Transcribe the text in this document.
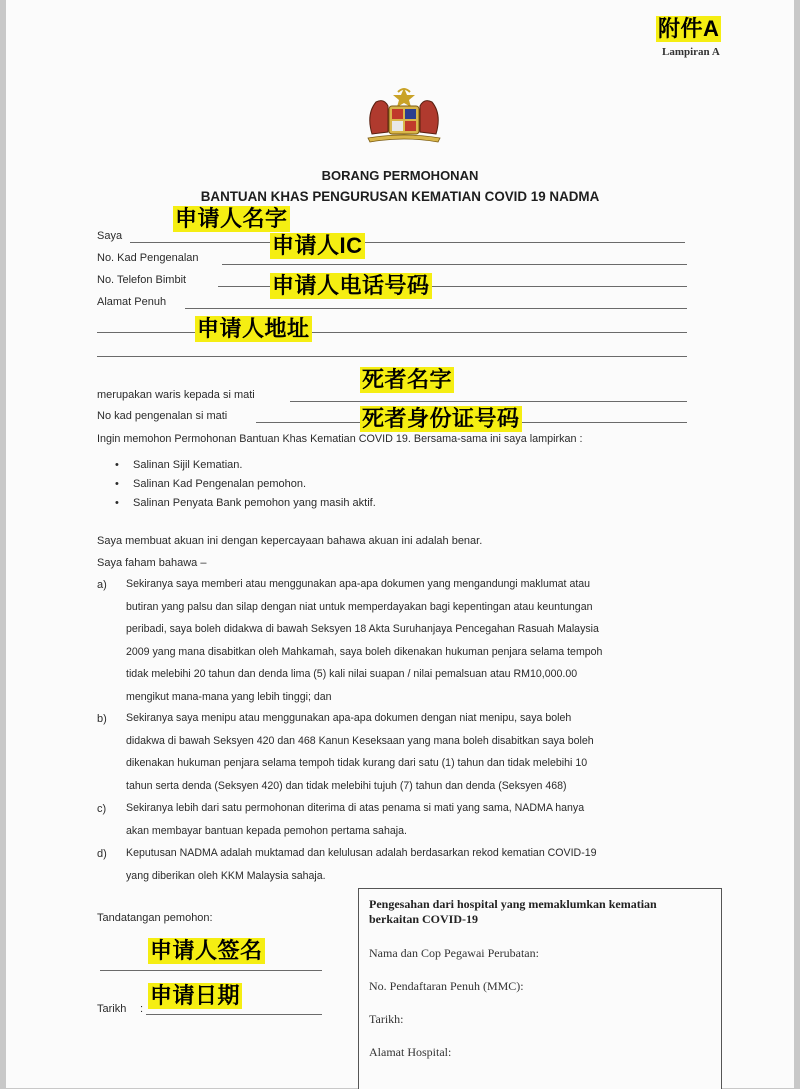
附件A
Lampiran A
BORANG PERMOHONAN
BANTUAN KHAS PENGURUSAN KEMATIAN COVID 19 NADMA
Saya
No. Kad Pengenalan
No. Telefon Bimbit
Alamat Penuh
申请人名字
申请人IC
申请人电话号码
申请人地址
merupakan waris kepada si mati
No kad pengenalan si mati
死者名字
Ingin memohon Permohonan Bantuan Khas Kematian COVID 19. Bersama-sama ini saya lampirkan :
死者身份证号码
• Salinan Sijil Kematian.
• Salinan Kad Pengenalan pemohon.
• Salinan Penyata Bank pemohon yang masih aktif.
Saya membuat akuan ini dengan kepercayaan bahawa akuan ini adalah benar.
Saya faham bahawa –
a) Sekiranya saya memberi atau menggunakan apa-apa dokumen yang mengandungi maklumat atau
butiran yang palsu dan silap dengan niat untuk memperdayakan bagi kepentingan atau keuntungan
peribadi, saya boleh didakwa di bawah Seksyen 18 Akta Suruhanjaya Pencegahan Rasuah Malaysia
2009 yang mana disabitkan oleh Mahkamah, saya boleh dikenakan hukuman penjara selama tempoh
tidak melebihi 20 tahun dan denda lima (5) kali nilai suapan / nilai pemalsuan atau RM10,000.00
mengikut mana-mana yang lebih tinggi; dan
b) Sekiranya saya menipu atau menggunakan apa-apa dokumen dengan niat menipu, saya boleh
didakwa di bawah Seksyen 420 dan 468 Kanun Keseksaan yang mana boleh disabitkan saya boleh
dikenakan hukuman penjara selama tempoh tidak kurang dari satu (1) tahun dan tidak melebihi 10
tahun serta denda (Seksyen 420) dan tidak melebihi tujuh (7) tahun dan denda (Seksyen 468)
c) Sekiranya lebih dari satu permohonan diterima di atas penama si mati yang sama, NADMA hanya
akan membayar bantuan kepada pemohon pertama sahaja.
d) Keputusan NADMA adalah muktamad dan kelulusan adalah berdasarkan rekod kematian COVID-19
yang diberikan oleh KKM Malaysia sahaja.
Tandatangan pemohon:
申请人签名
申请日期
Tarikh :
Pengesahan dari hospital yang memaklumkan kematian
berkaitan COVID-19
Nama dan Cop Pegawai Perubatan:
No. Pendaftaran Penuh (MMC):
Tarikh:
Alamat Hospital:
